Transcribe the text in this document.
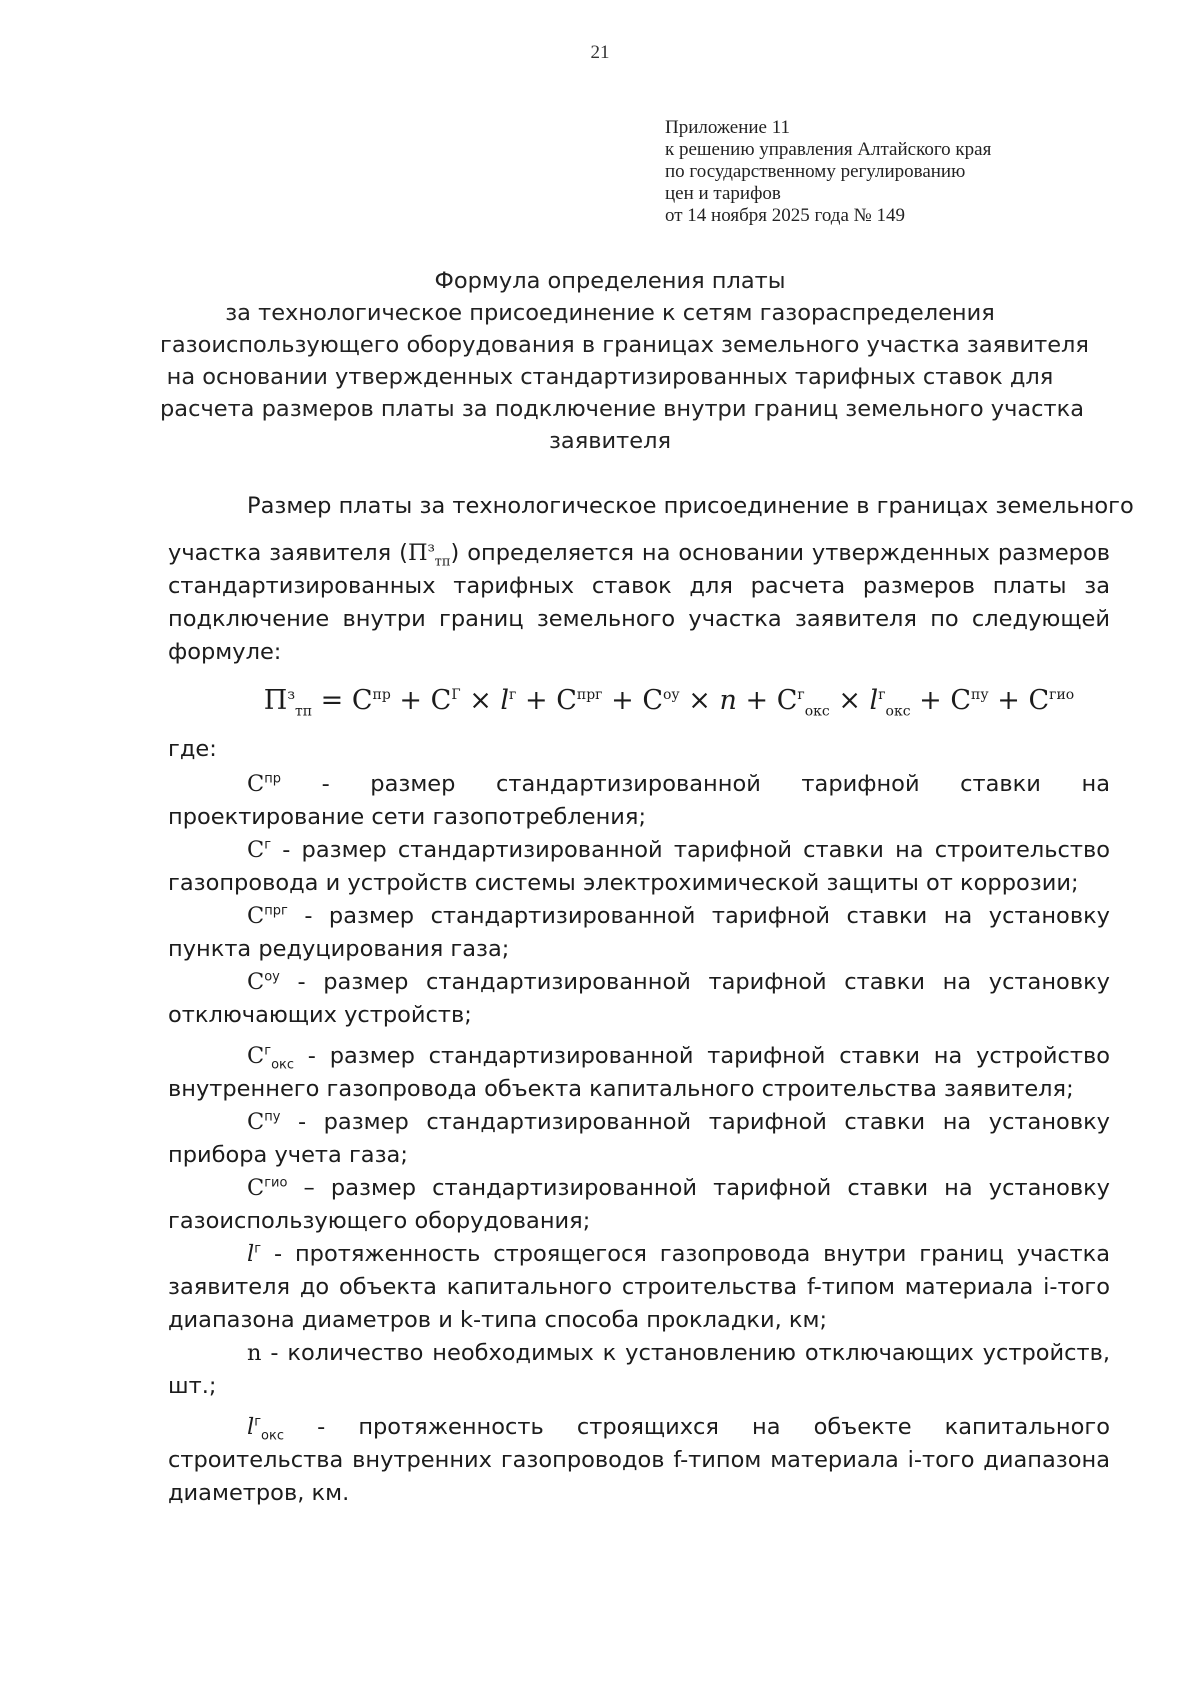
21
Приложение 11
к решению управления Алтайского края
по государственному регулированию
цен и тарифов
от 14 ноября 2025 года № 149
Формула определения платы
за технологическое присоединение к сетям газораспределения
газоиспользующего оборудования в границах земельного участка заявителя
на основании утвержденных стандартизированных тарифных ставок для
расчета размеров платы за подключение внутри границ земельного участка
заявителя
Размер платы за технологическое присоединение в границах земельного
участка заявителя $(П^з_{тп})$ определяется на основании утвержденных размеров стандартизированных тарифных ставок для расчета размеров платы за подключение внутри границ земельного участка заявителя по следующей формуле:
$П^з_{тп} = C^{пр} + C^Г \times l^г + C^{прг} + C^{оу} \times n + C^г_{окс} \times l^г_{окс} + C^{пу} + C^{гио}$
где:
$C^{пр}$ - размер стандартизированной тарифной ставки на проектирование сети газопотребления;
$C^г$ - размер стандартизированной тарифной ставки на строительство газопровода и устройств системы электрохимической защиты от коррозии;
$C^{прг}$ - размер стандартизированной тарифной ставки на установку пункта редуцирования газа;
$C^{оу}$ - размер стандартизированной тарифной ставки на установку отключающих устройств;
$C^г_{окс}$ - размер стандартизированной тарифной ставки на устройство внутреннего газопровода объекта капитального строительства заявителя;
$C^{пу}$ - размер стандартизированной тарифной ставки на установку прибора учета газа;
$C^{гио}$ – размер стандартизированной тарифной ставки на установку газоиспользующего оборудования;
$l^г$ - протяженность строящегося газопровода внутри границ участка заявителя до объекта капитального строительства f-типом материала i-того диапазона диаметров и k-типа способа прокладки, км;
n - количество необходимых к установлению отключающих устройств, шт.;
$l^г_{окс}$ - протяженность строящихся на объекте капитального строительства внутренних газопроводов f-типом материала i-того диапазона диаметров, км.
